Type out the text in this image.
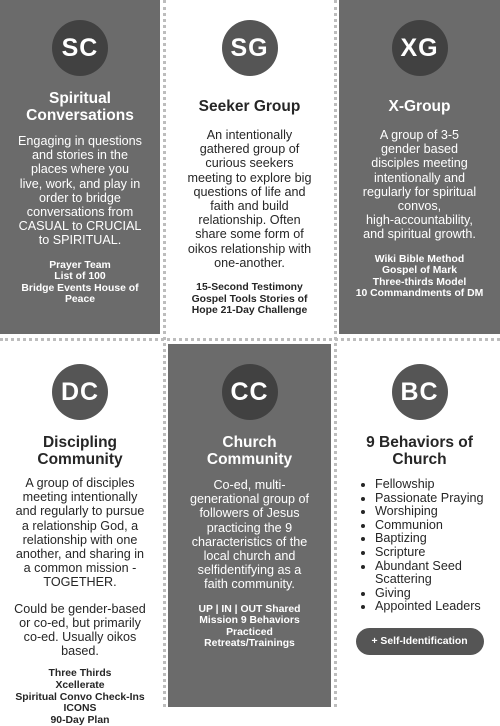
SC
Spiritual
Conversations
Engaging in questions
and stories in the
places where you
live, work, and play in
order to bridge
conversations from
CASUAL to CRUCIAL
to SPIRITUAL.
Prayer Team
List of 100
Bridge Events House of
Peace
SG
Seeker Group
An intentionally
gathered group of
curious seekers
meeting to explore big
questions of life and
faith and build
relationship. Often
share some form of
oikos relationship with
one-another.
15-Second Testimony
Gospel Tools Stories of
Hope 21-Day Challenge
XG
X-Group
A group of 3-5
gender based
disciples meeting
intentionally and
regularly for spiritual
convos,
high-accountability,
and spiritual growth.
Wiki Bible Method
Gospel of Mark
Three-thirds Model
10 Commandments of DM
DC
Discipling
Community
A group of disciples
meeting intentionally
and regularly to pursue
a relationship God, a
relationship with one
another, and sharing in
a common mission -
TOGETHER.
Could be gender-based
or co-ed, but primarily
co-ed. Usually oikos
based.
Three Thirds
Xcellerate
Spiritual Convo Check-Ins
ICONS
90-Day Plan
CC
Church
Community
Co-ed, multi-
generational group of
followers of Jesus
practicing the 9
characteristics of the
local church and
selfidentifying as a
faith community.
UP | IN | OUT Shared
Mission 9 Behaviors
Practiced
Retreats/Trainings
BC
9 Behaviors of
Church
• Fellowship
• Passionate Praying
• Worshiping
• Communion
• Baptizing
• Scripture
• Abundant Seed
Scattering
• Giving
• Appointed Leaders
+ Self-Identification
